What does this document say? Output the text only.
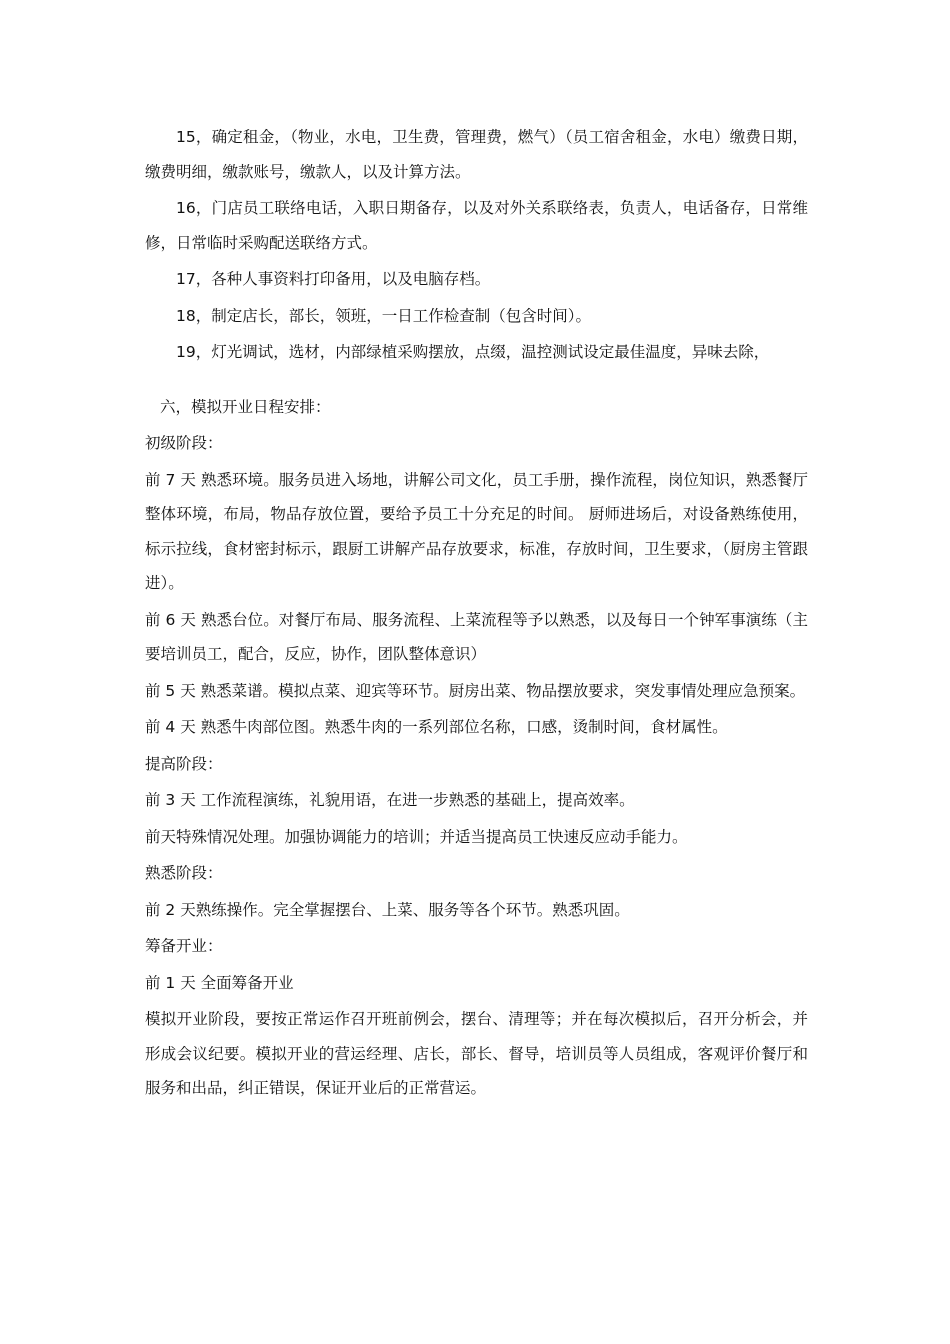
15，确定租金，（物业，水电，卫生费，管理费，燃气）（员工宿舍租金，水电）缴费日期，缴费明细，缴款账号，缴款人，以及计算方法。

16，门店员工联络电话，入职日期备存，以及对外关系联络表，负责人，电话备存，日常维修，日常临时采购配送联络方式。

17，各种人事资料打印备用，以及电脑存档。

18，制定店长，部长，领班，一日工作检查制（包含时间）。

19，灯光调试，选材，内部绿植采购摆放，点缀，温控测试设定最佳温度，异味去除，

六，模拟开业日程安排：

初级阶段：

前 7 天 熟悉环境。服务员进入场地，讲解公司文化，员工手册，操作流程，岗位知识，熟悉餐厅整体环境，布局，物品存放位置，要给予员工十分充足的时间。 厨师进场后，对设备熟练使用，标示拉线，食材密封标示，跟厨工讲解产品存放要求，标准，存放时间，卫生要求，（厨房主管跟进）。

前 6 天 熟悉台位。对餐厅布局、服务流程、上菜流程等予以熟悉，以及每日一个钟军事演练（主要培训员工，配合，反应，协作，团队整体意识）

前 5 天 熟悉菜谱。模拟点菜、迎宾等环节。厨房出菜、物品摆放要求，突发事情处理应急预案。

前 4 天 熟悉牛肉部位图。熟悉牛肉的一系列部位名称，口感，烫制时间，食材属性。

提高阶段：

前 3 天 工作流程演练，礼貌用语，在进一步熟悉的基础上，提高效率。

前天特殊情况处理。加强协调能力的培训；并适当提高员工快速反应动手能力。

熟悉阶段：

前 2 天熟练操作。完全掌握摆台、上菜、服务等各个环节。熟悉巩固。

筹备开业：

前 1 天 全面筹备开业

模拟开业阶段，要按正常运作召开班前例会，摆台、清理等；并在每次模拟后，召开分析会，并形成会议纪要。模拟开业的营运经理、店长，部长、督导，培训员等人员组成，客观评价餐厅和服务和出品，纠正错误，保证开业后的正常营运。
